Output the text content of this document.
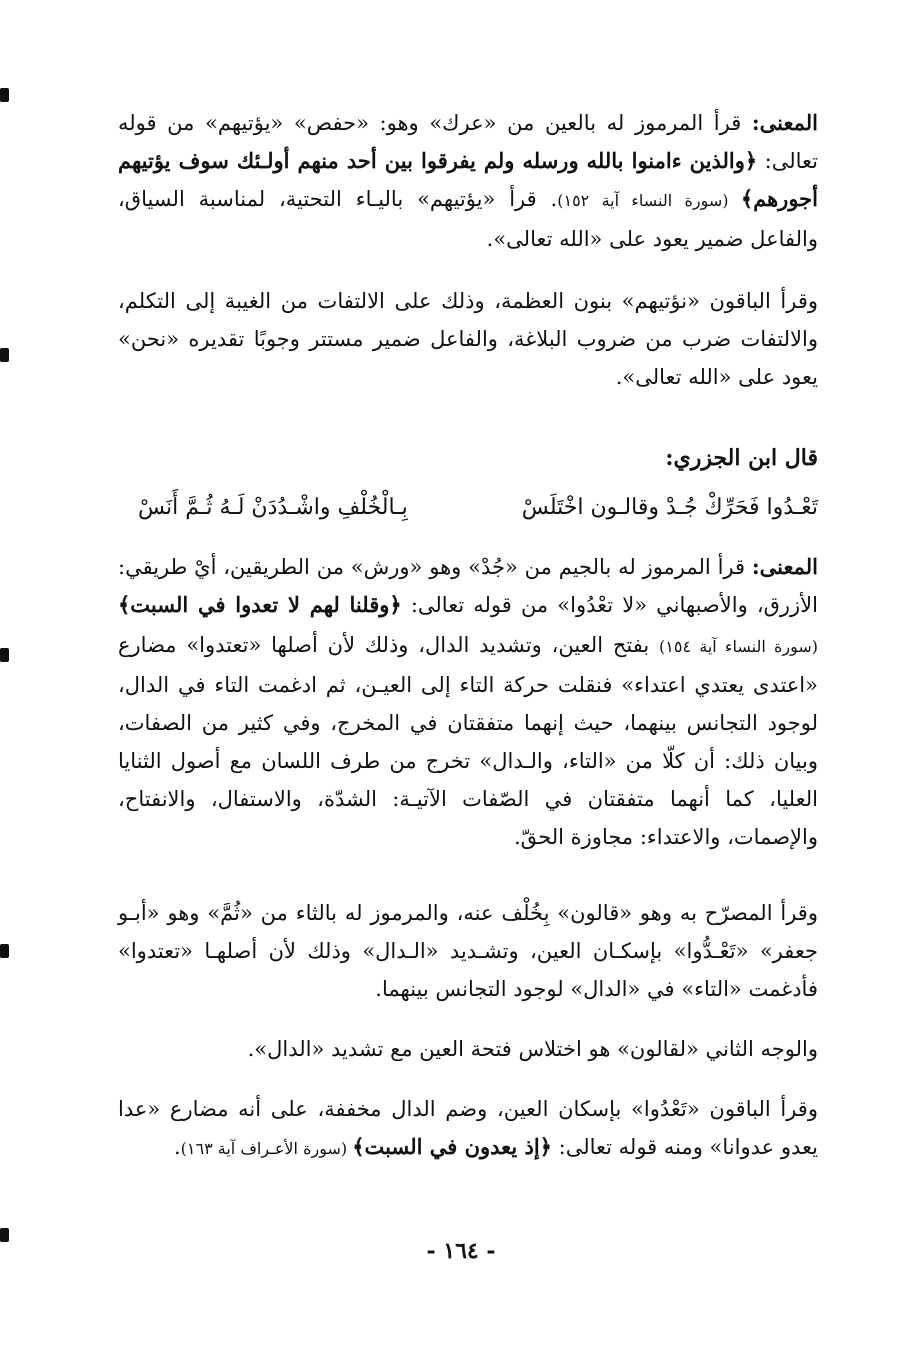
المعنى: قرأ المرموز له بالعين من «عرك» وهو: «حفص» «يؤتيهم» من قوله تعالى: ﴿والذين ءامنوا بالله ورسله ولم يفرقوا بين أحد منهم أولـئك سوف يؤتيهم أجورهم﴾ (سورة النساء آية ١٥٢). قرأ «يؤتيهم» باليـاء التحتية، لمناسبة السياق، والفاعل ضمير يعود على «الله تعالى».
وقرأ الباقون «نؤتيهم» بنون العظمة، وذلك على الالتفات من الغيبة إلى التكلم، والالتفات ضرب من ضروب البلاغة، والفاعل ضمير مستتر وجوبًا تقديره «نحن» يعود على «الله تعالى».
قال ابن الجزري:
تَعْـدُوا فَحَرِّكْ جُـدْ وقالـون اخْتَلَسْ
بِـالْخُلْفِ واشْـدُدَنْ لَـهُ ثُـمَّ أَنَسْ
المعنى: قرأ المرموز له بالجيم من «جُدْ» وهو «ورش» من الطريقين، أيْ طريقي: الأزرق، والأصبهاني «لا تعْدُوا» من قوله تعالى: ﴿وقلنا لهم لا تعدوا في السبت﴾ (سورة النساء آية ١٥٤) بفتح العين، وتشديد الدال، وذلك لأن أصلها «تعتدوا» مضارع «اعتدى يعتدي اعتداء» فنقلت حركة التاء إلى العيـن، ثم ادغمت التاء في الدال، لوجود التجانس بينهما، حيث إنهما متفقتان في المخرج، وفي كثير من الصفات، وبيان ذلك: أن كلّا من «التاء، والـدال» تخرج من طرف اللسان مع أصول الثنايا العليا، كما أنهما متفقتان في الصّفات الآتيـة: الشدّة، والاستفال، والانفتاح، والإصمات، والاعتداء: مجاوزة الحقّ.
وقرأ المصرّح به وهو «قالون» بِخُلْف عنه، والمرموز له بالثاء من «ثُمَّ» وهو «أبـو جعفر» «تَعْـدُّوا» بإسكـان العين، وتشـديد «الـدال» وذلك لأن أصلهـا «تعتدوا» فأدغمت «التاء» في «الدال» لوجود التجانس بينهما.
والوجه الثاني «لقالون» هو اختلاس فتحة العين مع تشديد «الدال».
وقرأ الباقون «تَعْدُوا» بإسكان العين، وضم الدال مخففة، على أنه مضارع «عدا يعدو عدوانا» ومنه قوله تعالى: ﴿إذ يعدون في السبت﴾ (سورة الأعـراف آية ١٦٣).
- ١٦٤ -
